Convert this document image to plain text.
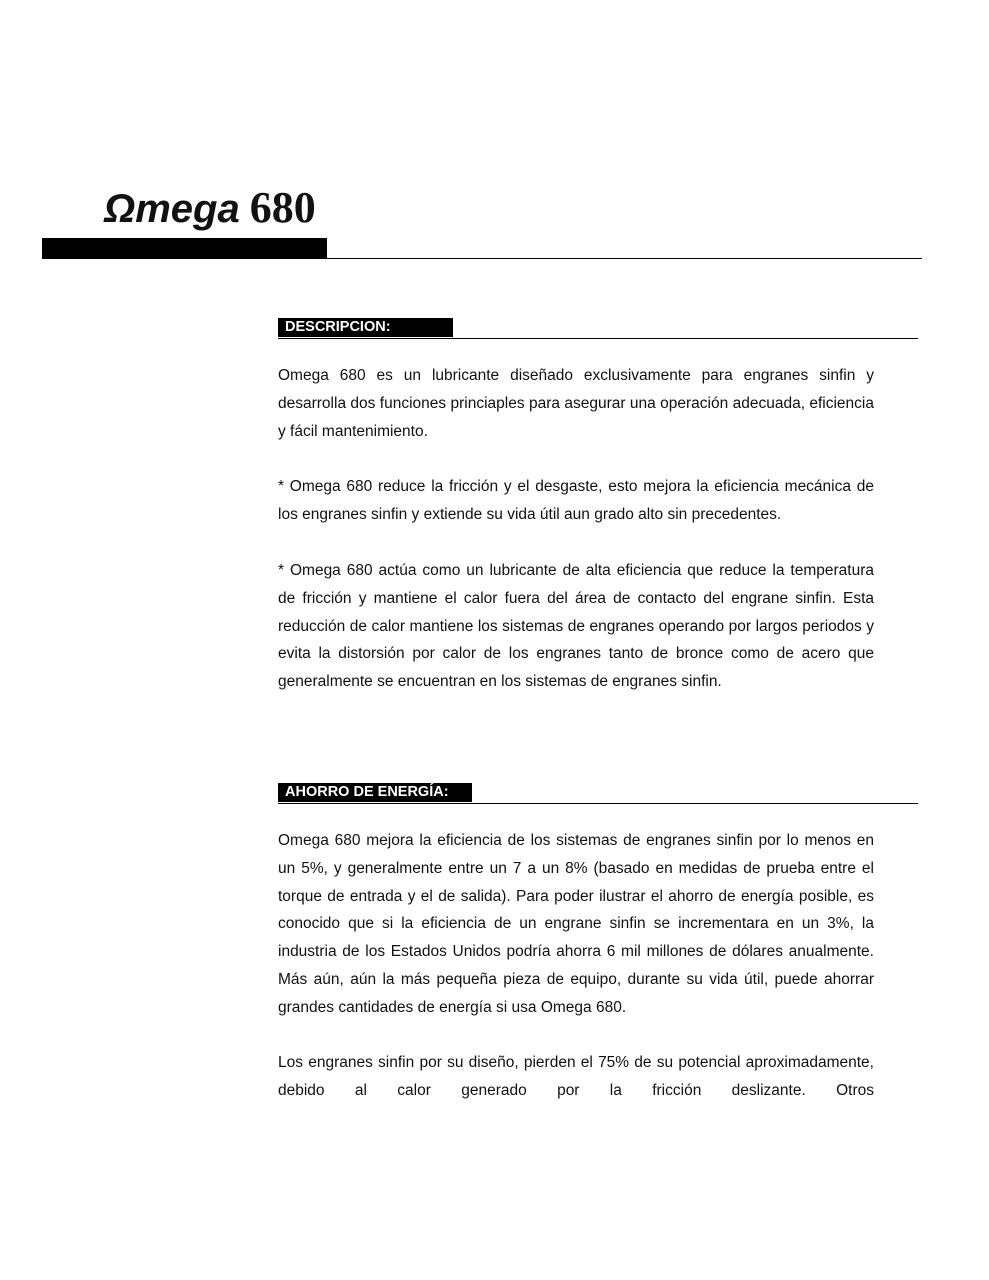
Ωmega 680
DESCRIPCION:

Omega 680 es un lubricante diseñado exclusivamente para engranes sinfin y desarrolla dos funciones princiaples para asegurar una operación adecuada, eficiencia y fácil mantenimiento.

* Omega 680 reduce la fricción y el desgaste, esto mejora la eficiencia mecánica de los engranes sinfin y extiende su vida útil aun grado alto sin precedentes.

* Omega 680 actúa como un lubricante de alta eficiencia que reduce la temperatura de fricción y mantiene el calor fuera del área de contacto del engrane sinfin. Esta reducción de calor mantiene los sistemas de engranes operando por largos periodos y evita la distorsión por calor de los engranes tanto de bronce como de acero que generalmente se encuentran en los sistemas de engranes sinfin.

AHORRO DE ENERGÍA:

Omega 680 mejora la eficiencia de los sistemas de engranes sinfin por lo menos en un 5%, y generalmente entre un 7 a un 8% (basado en medidas de prueba entre el torque de entrada y el de salida). Para poder ilustrar el ahorro de energía posible, es conocido que si la eficiencia de un engrane sinfin se incrementara en un 3%, la industria de los Estados Unidos podría ahorra 6 mil millones de dólares anualmente. Más aún, aún la más pequeña pieza de equipo, durante su vida útil, puede ahorrar grandes cantidades de energía si usa Omega 680.

Los engranes sinfin por su diseño, pierden el 75% de su potencial aproximadamente, debido al calor generado por la fricción deslizante. Otros
